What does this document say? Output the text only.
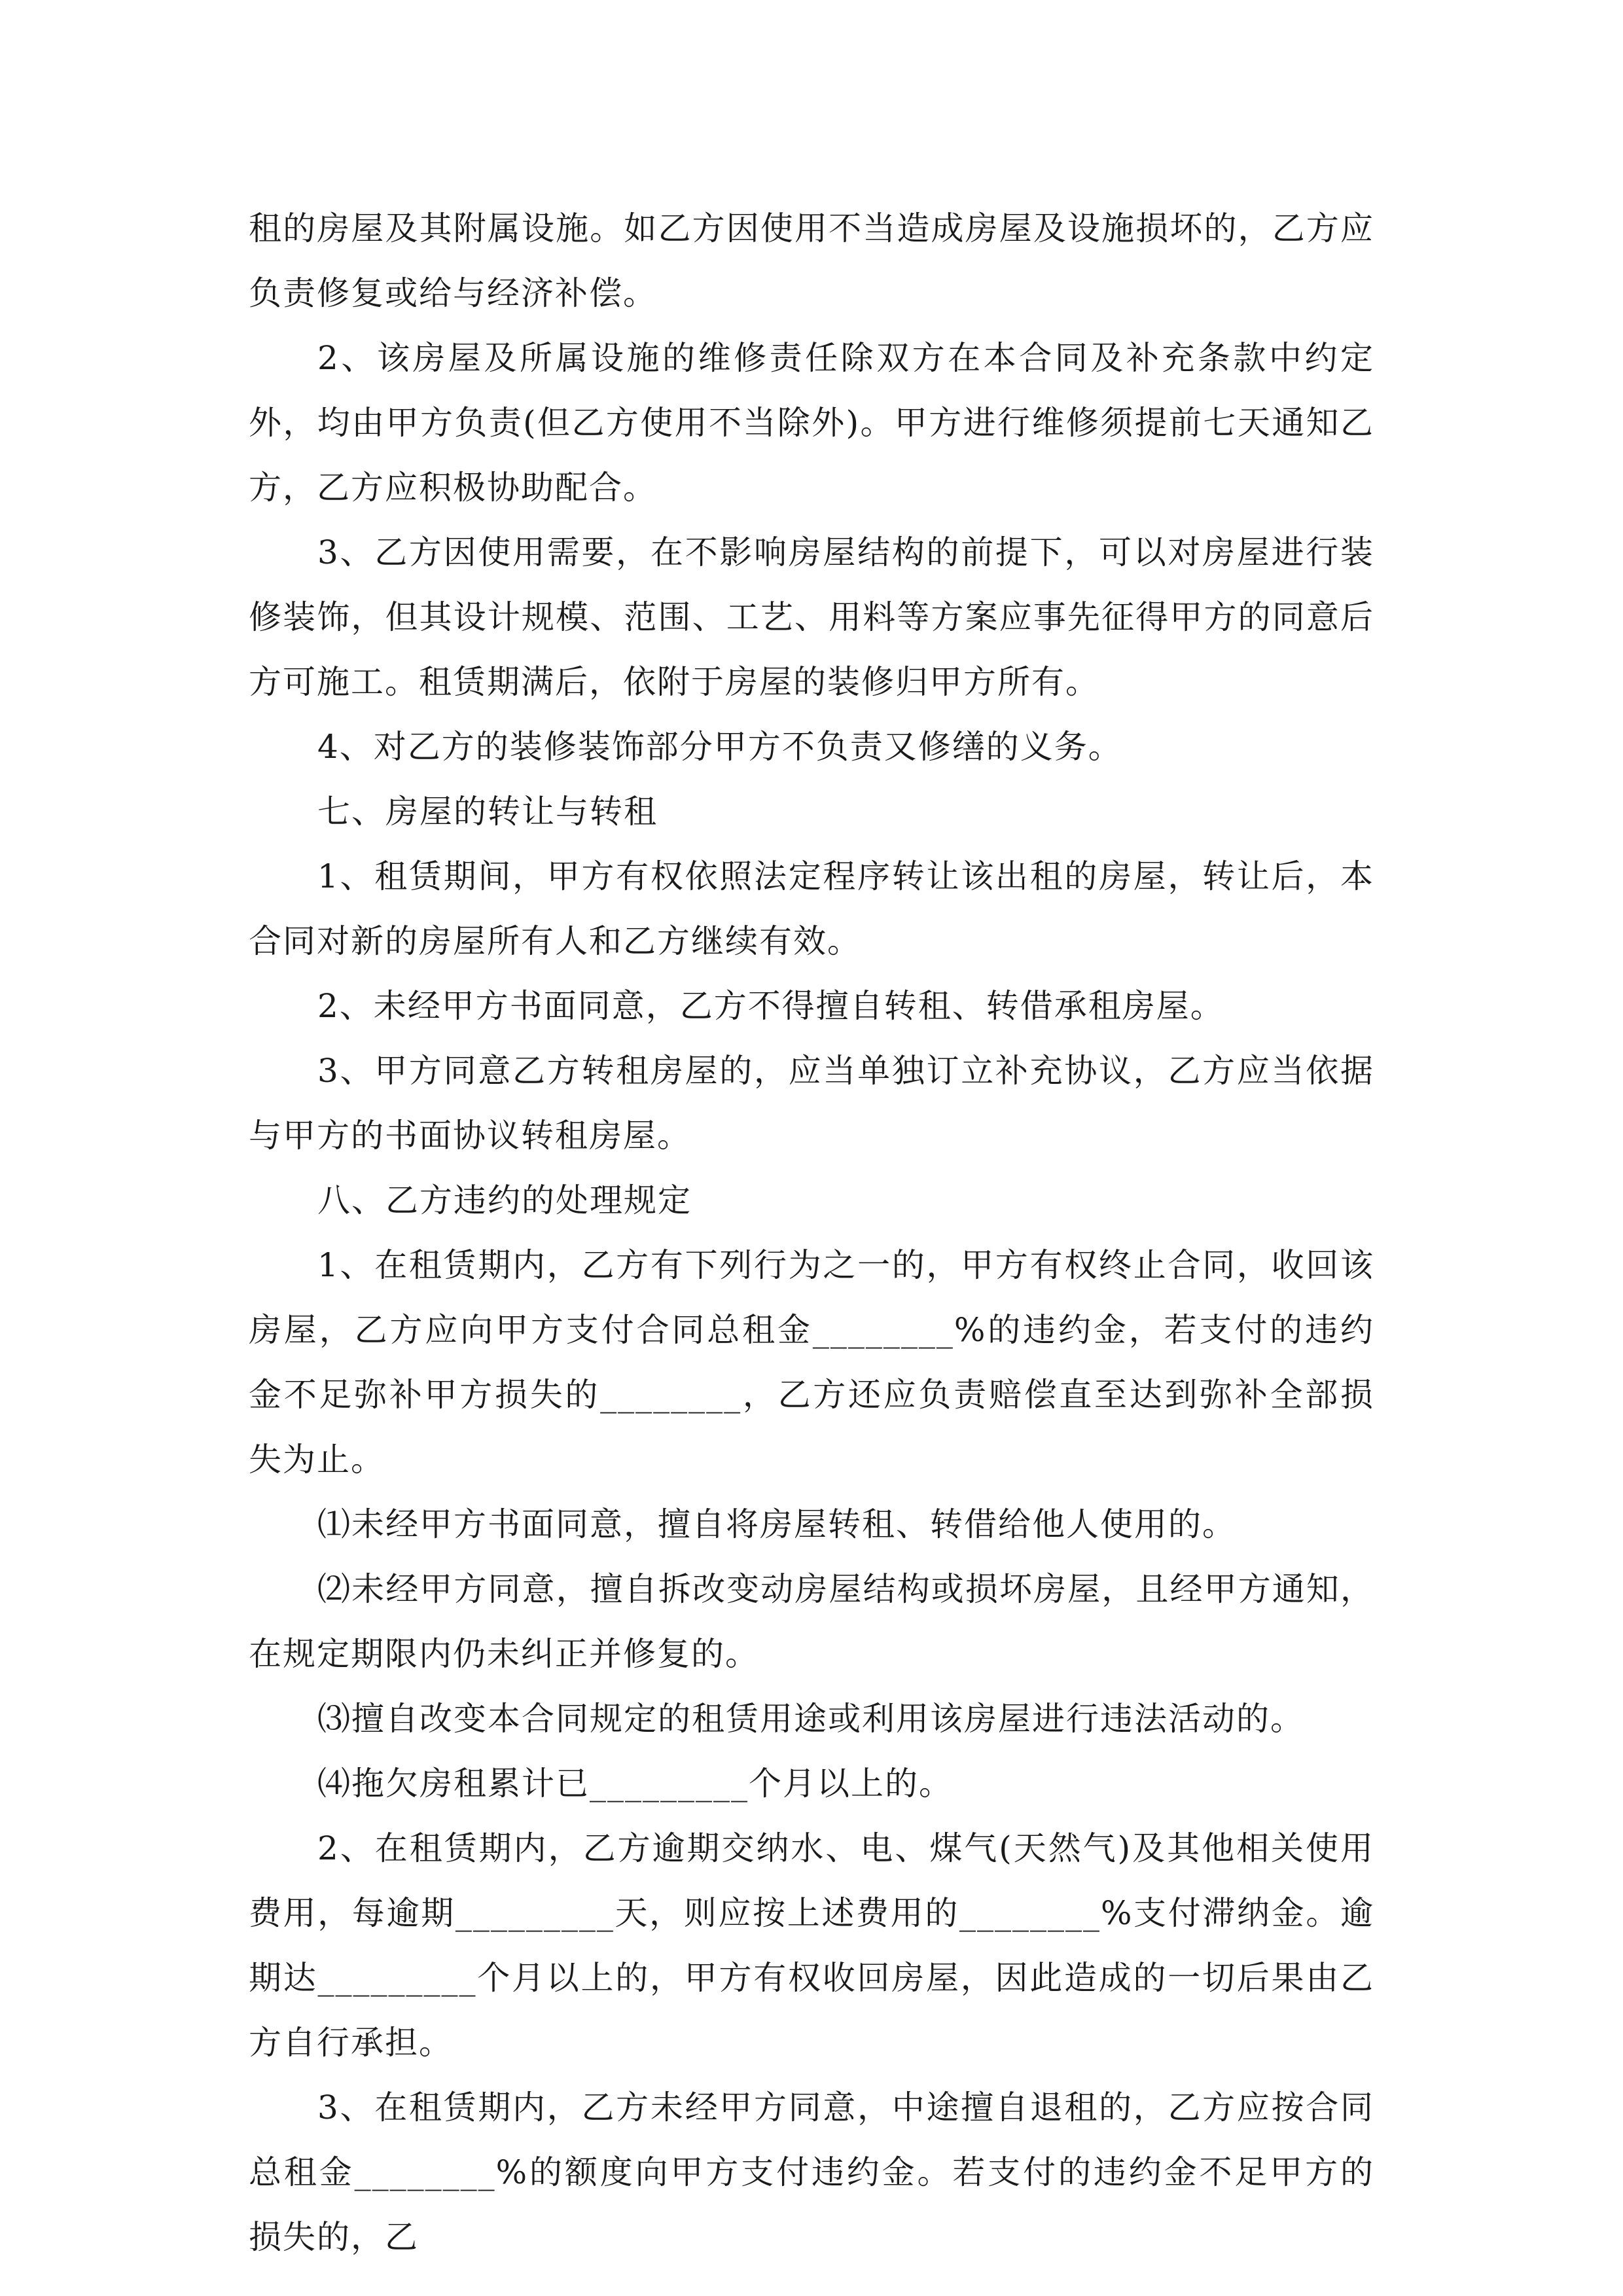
租的房屋及其附属设施。如乙方因使用不当造成房屋及设施损坏的，乙方应负责修复或给与经济补偿。

2、该房屋及所属设施的维修责任除双方在本合同及补充条款中约定外，均由甲方负责(但乙方使用不当除外)。甲方进行维修须提前七天通知乙方，乙方应积极协助配合。

3、乙方因使用需要，在不影响房屋结构的前提下，可以对房屋进行装修装饰，但其设计规模、范围、工艺、用料等方案应事先征得甲方的同意后方可施工。租赁期满后，依附于房屋的装修归甲方所有。

4、对乙方的装修装饰部分甲方不负责又修缮的义务。

七、房屋的转让与转租

1、租赁期间，甲方有权依照法定程序转让该出租的房屋，转让后，本合同对新的房屋所有人和乙方继续有效。

2、未经甲方书面同意，乙方不得擅自转租、转借承租房屋。

3、甲方同意乙方转租房屋的，应当单独订立补充协议，乙方应当依据与甲方的书面协议转租房屋。

八、乙方违约的处理规定

1、在租赁期内，乙方有下列行为之一的，甲方有权终止合同，收回该房屋，乙方应向甲方支付合同总租金________%的违约金，若支付的违约金不足弥补甲方损失的________，乙方还应负责赔偿直至达到弥补全部损失为止。

⑴未经甲方书面同意，擅自将房屋转租、转借给他人使用的。

⑵未经甲方同意，擅自拆改变动房屋结构或损坏房屋，且经甲方通知，在规定期限内仍未纠正并修复的。

⑶擅自改变本合同规定的租赁用途或利用该房屋进行违法活动的。

⑷拖欠房租累计已_________个月以上的。

2、在租赁期内，乙方逾期交纳水、电、煤气(天然气)及其他相关使用费用，每逾期_________天，则应按上述费用的________%支付滞纳金。逾期达_________个月以上的，甲方有权收回房屋，因此造成的一切后果由乙方自行承担。

3、在租赁期内，乙方未经甲方同意，中途擅自退租的，乙方应按合同总租金________%的额度向甲方支付违约金。若支付的违约金不足甲方的损失的，乙
